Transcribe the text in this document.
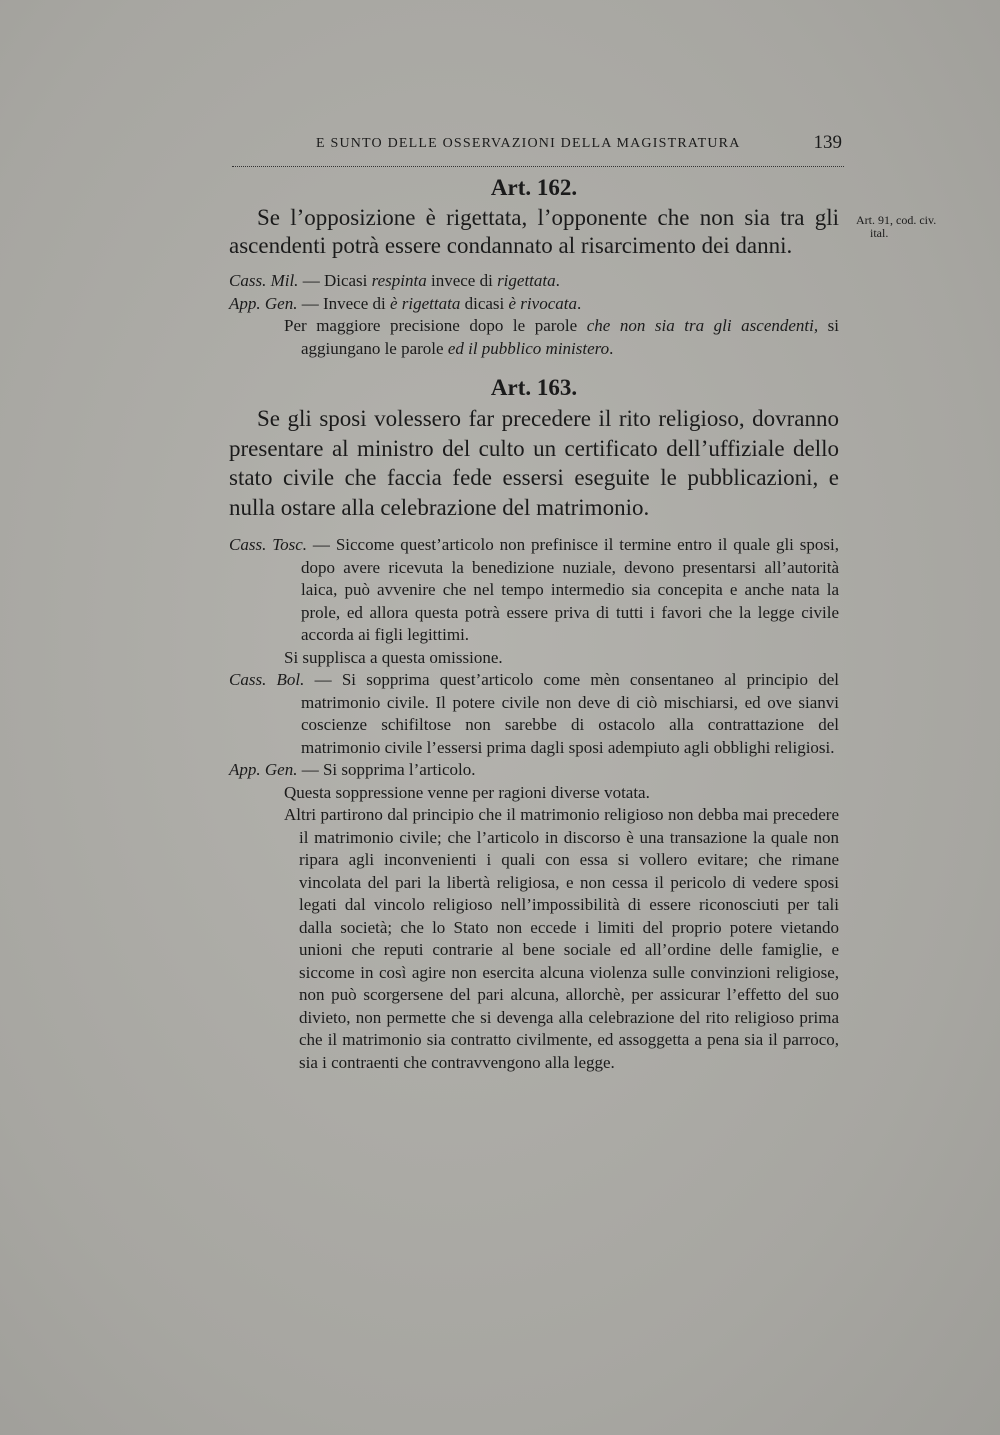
E SUNTO DELLE OSSERVAZIONI DELLA MAGISTRATURA	139
Art. 91, cod. civ.
ital.
Art. 162.

Se l’opposizione è rigettata, l’opponente che non sia tra gli ascendenti potrà essere condannato al risarcimento dei danni.

Cass. Mil. — Dicasi respinta invece di rigettata.

App. Gen. — Invece di è rigettata dicasi è rivocata.

Per maggiore precisione dopo le parole che non sia tra gli ascendenti, si aggiungano le parole ed il pubblico ministero.

Art. 163.

Se gli sposi volessero far precedere il rito religioso, dovranno presentare al ministro del culto un certificato dell’uffiziale dello stato civile che faccia fede essersi eseguite le pubblicazioni, e nulla ostare alla celebrazione del matrimonio.

Cass. Tosc. — Siccome quest’articolo non prefinisce il termine entro il quale gli sposi, dopo avere ricevuta la benedizione nuziale, devono presentarsi all’autorità laica, può avvenire che nel tempo intermedio sia concepita e anche nata la prole, ed allora questa potrà essere priva di tutti i favori che la legge civile accorda ai figli legittimi.

Si supplisca a questa omissione.

Cass. Bol. — Si sopprima quest’articolo come mèn consentaneo al principio del matrimonio civile. Il potere civile non deve di ciò mischiarsi, ed ove sianvi coscienze schifiltose non sarebbe di ostacolo alla contrattazione del matrimonio civile l’essersi prima dagli sposi adempiuto agli obblighi religiosi.

App. Gen. — Si sopprima l’articolo.

Questa soppressione venne per ragioni diverse votata.

Altri partirono dal principio che il matrimonio religioso non debba mai precedere il matrimonio civile; che l’articolo in discorso è una transazione la quale non ripara agli inconvenienti i quali con essa si vollero evitare; che rimane vincolata del pari la libertà religiosa, e non cessa il pericolo di vedere sposi legati dal vincolo religioso nell’impossibilità di essere riconosciuti per tali dalla società; che lo Stato non eccede i limiti del proprio potere vietando unioni che reputi contrarie al bene sociale ed all’ordine delle famiglie, e siccome in così agire non esercita alcuna violenza sulle convinzioni religiose, non può scorgersene del pari alcuna, allorchè, per assicurar l’effetto del suo divieto, non permette che si devenga alla celebrazione del rito religioso prima che il matrimonio sia contratto civilmente, ed assoggetta a pena sia il parroco, sia i contraenti che contravvengono alla legge.
